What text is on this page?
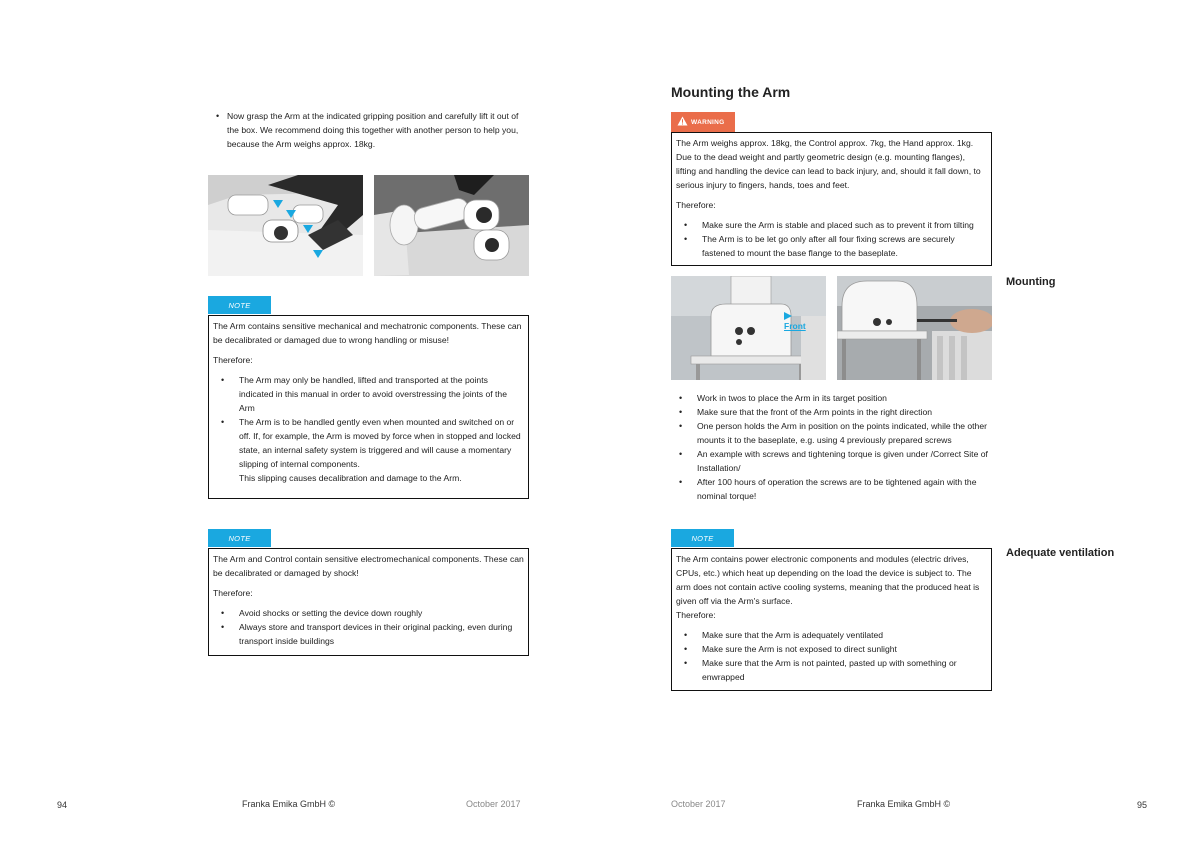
• Now grasp the Arm at the indicated gripping position and carefully lift it out of the box. We recommend doing this together with another person to help you, because the Arm weighs approx. 18kg.
NOTE

The Arm contains sensitive mechanical and mechatronic components. These can be decalibrated or damaged due to wrong handling or misuse!

Therefore:

• The Arm may only be handled, lifted and transported at the points indicated in this manual in order to avoid overstressing the joints of the Arm
• The Arm is to be handled gently even when mounted and switched on or off. If, for example, the Arm is moved by force when in stopped and locked state, an internal safety system is triggered and will cause a momentary slipping of internal components.

This slipping causes decalibration and damage to the Arm.

NOTE

The Arm and Control contain sensitive electromechanical components. These can be decalibrated or damaged by shock!

Therefore:

• Avoid shocks or setting the device down roughly
• Always store and transport devices in their original packing, even during transport inside buildings
94	Franka Emika GmbH ©	October 2017
Mounting the Arm
WARNING

The Arm weighs approx. 18kg, the Control approx. 7kg, the Hand approx. 1kg. Due to the dead weight and partly geometric design (e.g. mounting flanges), lifting and handling the device can lead to back injury, and, should it fall down, to serious injury to fingers, hands, toes and feet.

Therefore:

• Make sure the Arm is stable and placed such as to prevent it from tilting
• The Arm is to be let go only after all four fixing screws are securely fastened to mount the base flange to the baseplate.
Mounting
Front
• Work in twos to place the Arm in its target position
• Make sure that the front of the Arm points in the right direction
• One person holds the Arm in position on the points indicated, while the other mounts it to the baseplate, e.g. using 4 previously prepared screws
• An example with screws and tightening torque is given under /Correct Site of Installation/
• After 100 hours of operation the screws are to be tightened again with the nominal torque!
Adequate ventilation
NOTE

The Arm contains power electronic components and modules (electric drives, CPUs, etc.) which heat up depending on the load the device is subject to. The arm does not contain active cooling systems, meaning that the produced heat is given off via the Arm's surface.

Therefore:

• Make sure that the Arm is adequately ventilated
• Make sure the Arm is not exposed to direct sunlight
• Make sure that the Arm is not painted, pasted up with something or enwrapped
October 2017	Franka Emika GmbH ©	95
